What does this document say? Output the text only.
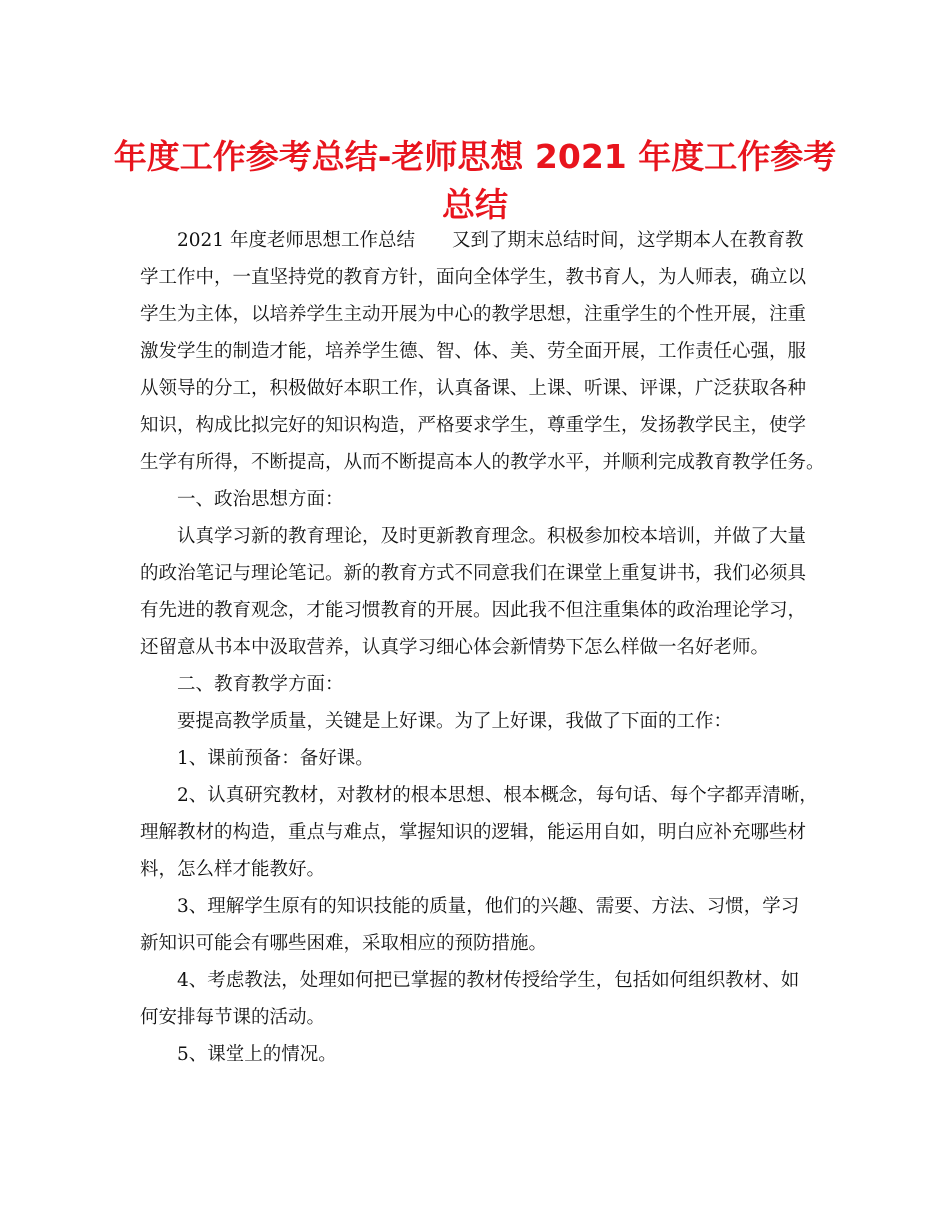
年度工作参考总结-老师思想 2021 年度工作参考
总结

2021 年度老师思想工作总结　　又到了期末总结时间，这学期本人在教育教
学工作中，一直坚持党的教育方针，面向全体学生，教书育人，为人师表，确立以
学生为主体，以培养学生主动开展为中心的教学思想，注重学生的个性开展，注重
激发学生的制造才能，培养学生德、智、体、美、劳全面开展，工作责任心强，服
从领导的分工，积极做好本职工作，认真备课、上课、听课、评课，广泛获取各种
知识，构成比拟完好的知识构造，严格要求学生，尊重学生，发扬教学民主，使学
生学有所得，不断提高，从而不断提高本人的教学水平，并顺利完成教育教学任务。

一、政治思想方面：

认真学习新的教育理论，及时更新教育理念。积极参加校本培训，并做了大量
的政治笔记与理论笔记。新的教育方式不同意我们在课堂上重复讲书，我们必须具
有先进的教育观念，才能习惯教育的开展。因此我不但注重集体的政治理论学习，
还留意从书本中汲取营养，认真学习细心体会新情势下怎么样做一名好老师。

二、教育教学方面：

要提高教学质量，关键是上好课。为了上好课，我做了下面的工作：

1、课前预备：备好课。

2、认真研究教材，对教材的根本思想、根本概念，每句话、每个字都弄清晰，
理解教材的构造，重点与难点，掌握知识的逻辑，能运用自如，明白应补充哪些材
料，怎么样才能教好。

3、理解学生原有的知识技能的质量，他们的兴趣、需要、方法、习惯，学习
新知识可能会有哪些困难，采取相应的预防措施。

4、考虑教法，处理如何把已掌握的教材传授给学生，包括如何组织教材、如
何安排每节课的活动。

5、课堂上的情况。
